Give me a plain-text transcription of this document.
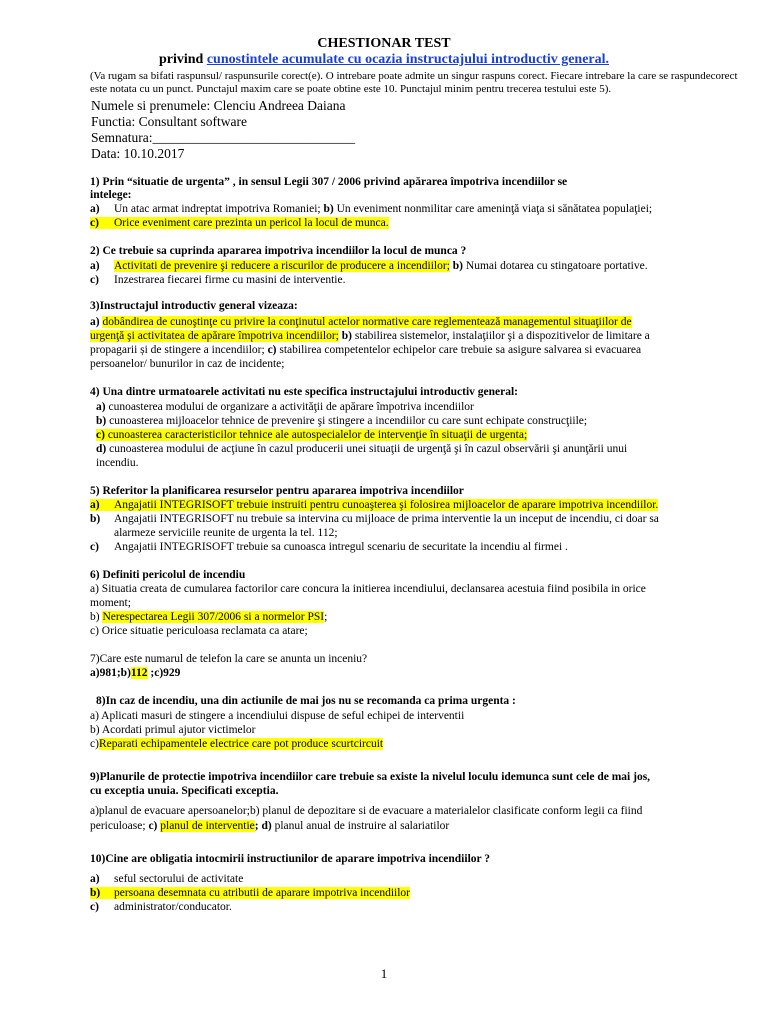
CHESTIONAR TEST
privind cunostintele acumulate cu ocazia instructajului introductiv general.
(Va rugam sa bifati raspunsul/ raspunsurile corect(e). O intrebare poate admite un singur raspuns corect. Fiecare intrebare la care se raspundecorect este notata cu un punct. Punctajul maxim care se poate obtine este 10. Punctajul minim pentru trecerea testului este 5).
Numele si prenumele: Clenciu Andreea Daiana
Functia: Consultant software
Semnatura:______________________________
Data: 10.10.2017
1) Prin “situatie de urgenta” , in sensul Legii 307 / 2006 privind apărarea împotriva incendiilor se
intelege:
a) Un atac armat indreptat impotriva Romaniei; b) Un eveniment nonmilitar care ameninţă viaţa si sănătatea populaţiei;
c) Orice eveniment care prezinta un pericol la locul de munca.
2) Ce trebuie sa cuprinda apararea impotriva incendiilor la locul de munca ?
a) Activitati de prevenire şi reducere a riscurilor de producere a incendiilor; b) Numai dotarea cu stingatoare portative.
c) Inzestrarea fiecarei firme cu masini de interventie.
3)Instructajul introductiv general vizeaza:
a) dobândirea de cunoştinţe cu privire la conţinutul actelor normative care reglementează managementul situaţiilor de
urgenţă şi activitatea de apărare împotriva incendiilor; b) stabilirea sistemelor, instalaţiilor şi a dispozitivelor de limitare a
propagarii și de stingere a incendiilor; c) stabilirea competentelor echipelor care trebuie sa asigure salvarea si evacuarea
persoanelor/ bunurilor in caz de incidente;
4) Una dintre urmatoarele activitati nu este specifica instructajului introductiv general:
a) cunoasterea modului de organizare a activităţii de apărare împotriva incendiilor
b) cunoasterea mijloacelor tehnice de prevenire şi stingere a incendiilor cu care sunt echipate construcţiile;
c) cunoasterea caracteristicilor tehnice ale autospecialelor de intervenţie în situaţii de urgenta;
d) cunoasterea modului de acţiune în cazul producerii unei situaţii de urgenţă şi în cazul observării şi anunţării unui
incendiu.
5) Referitor la planificarea resurselor pentru apararea impotriva incendiilor
a) Angajatii INTEGRISOFT trebuie instruiti pentru cunoaşterea şi folosirea mijloacelor de aparare impotriva incendiilor.
b) Angajatii INTEGRISOFT nu trebuie sa intervina cu mijloace de prima interventie la un inceput de incendiu, ci doar sa
alarmeze serviciile reunite de urgenta la tel. 112;
c) Angajatii INTEGRISOFT trebuie sa cunoasca intregul scenariu de securitate la incendiu al firmei .
6) Definiti pericolul de incendiu
a) Situatia creata de cumularea factorilor care concura la initierea incendiului, declansarea acestuia fiind posibila in orice
moment;
b) Nerespectarea Legii 307/2006 si a normelor PSI;
c) Orice situatie periculoasa reclamata ca atare;
7)Care este numarul de telefon la care se anunta un inceniu?
a)981;b)112 ;c)929
8)In caz de incendiu, una din actiunile de mai jos nu se recomanda ca prima urgenta :
a) Aplicati masuri de stingere a incendiului dispuse de seful echipei de interventii
b) Acordati primul ajutor victimelor
c)Reparati echipamentele electrice care pot produce scurtcircuit
9)Planurile de protectie impotriva incendiilor care trebuie sa existe la nivelul loculu idemunca sunt cele de mai jos,
cu exceptia unuia. Specificati exceptia.
a)planul de evacuare apersoanelor;b) planul de depozitare si de evacuare a materialelor clasificate conform legii ca fiind
periculoase; c) planul de interventie; d) planul anual de instruire al salariatilor
10)Cine are obligatia intocmirii instructiunilor de aparare impotriva incendiilor ?
a) seful sectorului de activitate
b) persoana desemnata cu atributii de aparare impotriva incendiilor
c) administrator/conducator.
1
